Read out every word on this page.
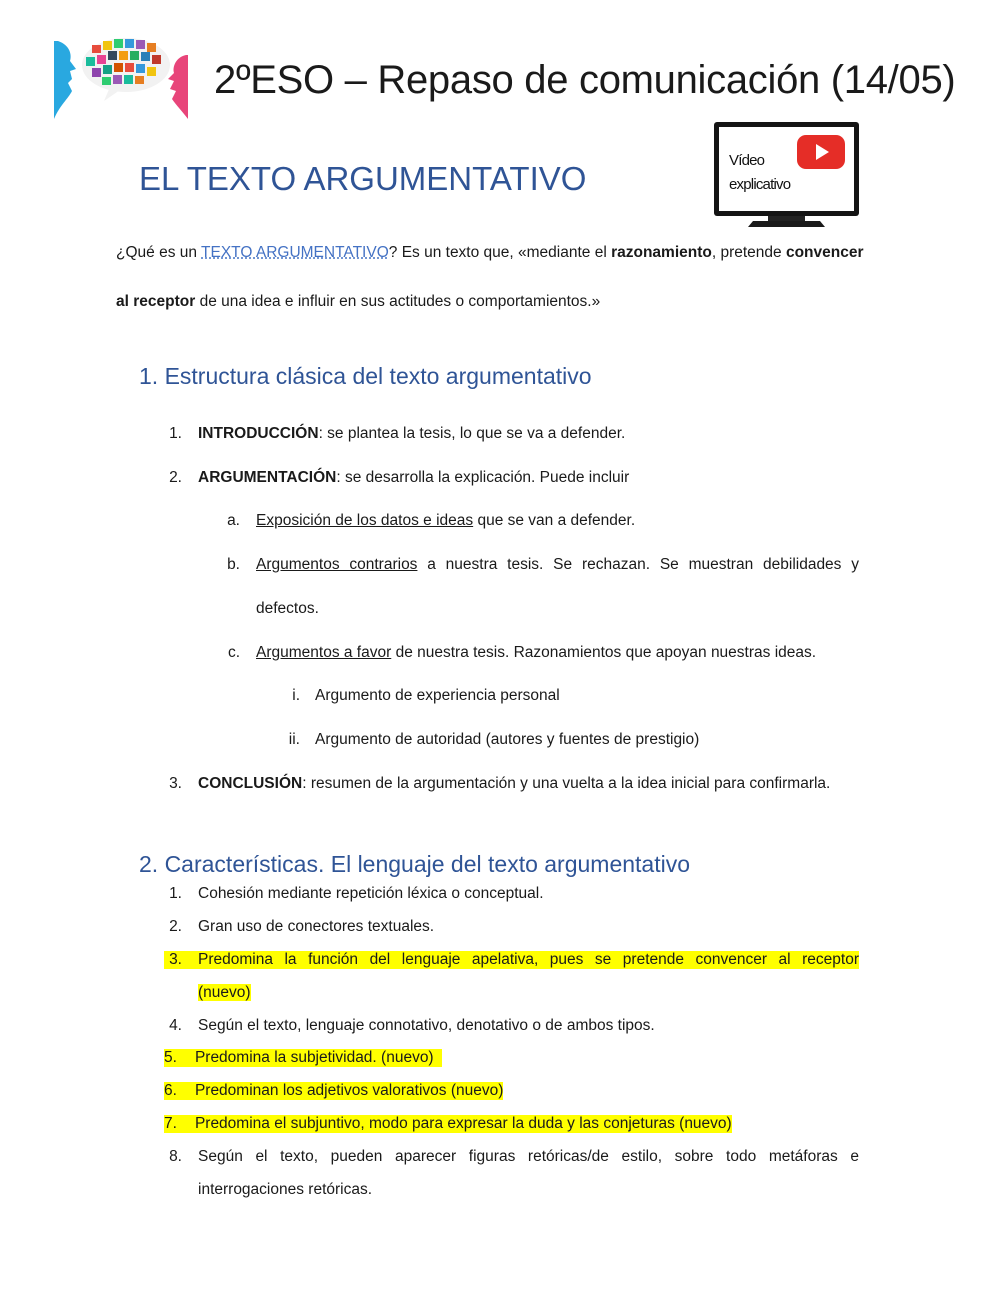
2ºESO – Repaso de comunicación (14/05)
EL TEXTO ARGUMENTATIVO	Vídeo
explicativo
¿Qué es un TEXTO ARGUMENTATIVO? Es un texto que, «mediante el razonamiento, pretende convencer
al receptor de una idea e influir en sus actitudes o comportamientos.»
1. Estructura clásica del texto argumentativo
1. INTRODUCCIÓN: se plantea la tesis, lo que se va a defender.
2. ARGUMENTACIÓN: se desarrolla la explicación. Puede incluir
a. Exposición de los datos e ideas que se van a defender.
b. Argumentos contrarios a nuestra tesis. Se rechazan. Se muestran debilidades y
defectos.
c. Argumentos a favor de nuestra tesis. Razonamientos que apoyan nuestras ideas.
i. Argumento de experiencia personal
ii. Argumento de autoridad (autores y fuentes de prestigio)
3. CONCLUSIÓN: resumen de la argumentación y una vuelta a la idea inicial para confirmarla.
2. Características. El lenguaje del texto argumentativo
1. Cohesión mediante repetición léxica o conceptual.
2. Gran uso de conectores textuales.
3.	Predomina la función del lenguaje apelativa, pues se pretende convencer al receptor
(nuevo)
4. Según el texto, lenguaje connotativo, denotativo o de ambos tipos.
5. Predomina la subjetividad. (nuevo)
6. Predominan los adjetivos valorativos (nuevo)
7. Predomina el subjuntivo, modo para expresar la duda y las conjeturas (nuevo)
8. Según el texto, pueden aparecer figuras retóricas/de estilo, sobre todo metáforas e
interrogaciones retóricas.
